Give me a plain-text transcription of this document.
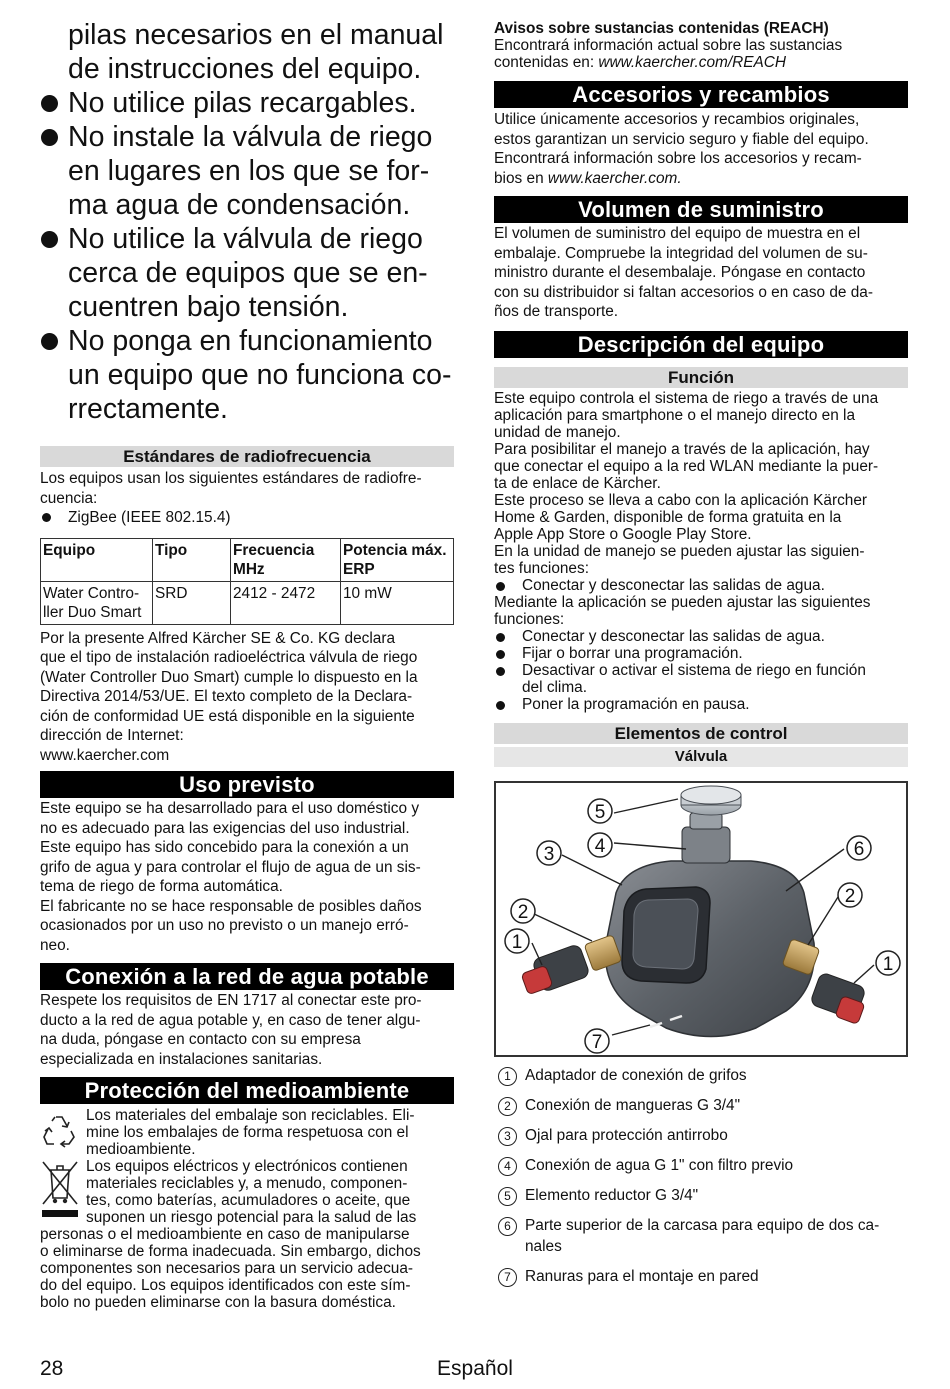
pilas necesarios en el manual
de instrucciones del equipo.
No utilice pilas recargables.
No instale la válvula de riego
en lugares en los que se for-
ma agua de condensación.
No utilice la válvula de riego
cerca de equipos que se en-
cuentren bajo tensión.
No ponga en funcionamiento
un equipo que no funciona co-
rrectamente.
Estándares de radiofrecuencia
Los equipos usan los siguientes estándares de radiofre-
cuencia:
ZigBee (IEEE 802.15.4)
Equipo	Tipo	Frecuencia MHz	Potencia máx. ERP
Water Contro-ller Duo Smart	SRD	2412 - 2472	10 mW
Por la presente Alfred Kärcher SE & Co. KG declara
que el tipo de instalación radioeléctrica válvula de riego
(Water Controller Duo Smart) cumple lo dispuesto en la
Directiva 2014/53/UE. El texto completo de la Declara-
ción de conformidad UE está disponible en la siguiente
dirección de Internet:
www.kaercher.com
Uso previsto
Este equipo se ha desarrollado para el uso doméstico y
no es adecuado para las exigencias del uso industrial.
Este equipo has sido concebido para la conexión a un
grifo de agua y para controlar el flujo de agua de un sis-
tema de riego de forma automática.
El fabricante no se hace responsable de posibles daños
ocasionados por un uso no previsto o un manejo erró-
neo.
Conexión a la red de agua potable
Respete los requisitos de EN 1717 al conectar este pro-
ducto a la red de agua potable y, en caso de tener algu-
na duda, póngase en contacto con su empresa
especializada en instalaciones sanitarias.
Protección del medioambiente
Los materiales del embalaje son reciclables. Eli-
mine los embalajes de forma respetuosa con el
medioambiente.
Los equipos eléctricos y electrónicos contienen
materiales reciclables y, a menudo, componen-
tes, como baterías, acumuladores o aceite, que
suponen un riesgo potencial para la salud de las
personas o el medioambiente en caso de manipularse
o eliminarse de forma inadecuada. Sin embargo, dichos
componentes son necesarios para un servicio adecua-
do del equipo. Los equipos identificados con este sím-
bolo no pueden eliminarse con la basura doméstica.
Avisos sobre sustancias contenidas (REACH)
Encontrará información actual sobre las sustancias
contenidas en: www.kaercher.com/REACH
Accesorios y recambios
Utilice únicamente accesorios y recambios originales,
estos garantizan un servicio seguro y fiable del equipo.
Encontrará información sobre los accesorios y recam-
bios en www.kaercher.com.
Volumen de suministro
El volumen de suministro del equipo de muestra en el
embalaje. Compruebe la integridad del volumen de su-
ministro durante el desembalaje. Póngase en contacto
con su distribuidor si faltan accesorios o en caso de da-
ños de transporte.
Descripción del equipo
Función
Este equipo controla el sistema de riego a través de una
aplicación para smartphone o el manejo directo en la
unidad de manejo.
Para posibilitar el manejo a través de la aplicación, hay
que conectar el equipo a la red WLAN mediante la puer-
ta de enlace de Kärcher.
Este proceso se lleva a cabo con la aplicación Kärcher
Home & Garden, disponible de forma gratuita en la
Apple App Store o Google Play Store.
En la unidad de manejo se pueden ajustar las siguien-
tes funciones:
Conectar y desconectar las salidas de agua.
Mediante la aplicación se pueden ajustar las siguientes
funciones:
Conectar y desconectar las salidas de agua.
Fijar o borrar una programación.
Desactivar o activar el sistema de riego en función
del clima.
Poner la programación en pausa.
Elementos de control
Válvula
5
4
3	6
2
1
2
1
7
1 Adaptador de conexión de grifos
2 Conexión de mangueras G 3/4"
3 Ojal para protección antirrobo
4 Conexión de agua G 1" con filtro previo
5 Elemento reductor G 3/4"
6 Parte superior de la carcasa para equipo de dos ca-
nales
7 Ranuras para el montaje en pared
Español
28
